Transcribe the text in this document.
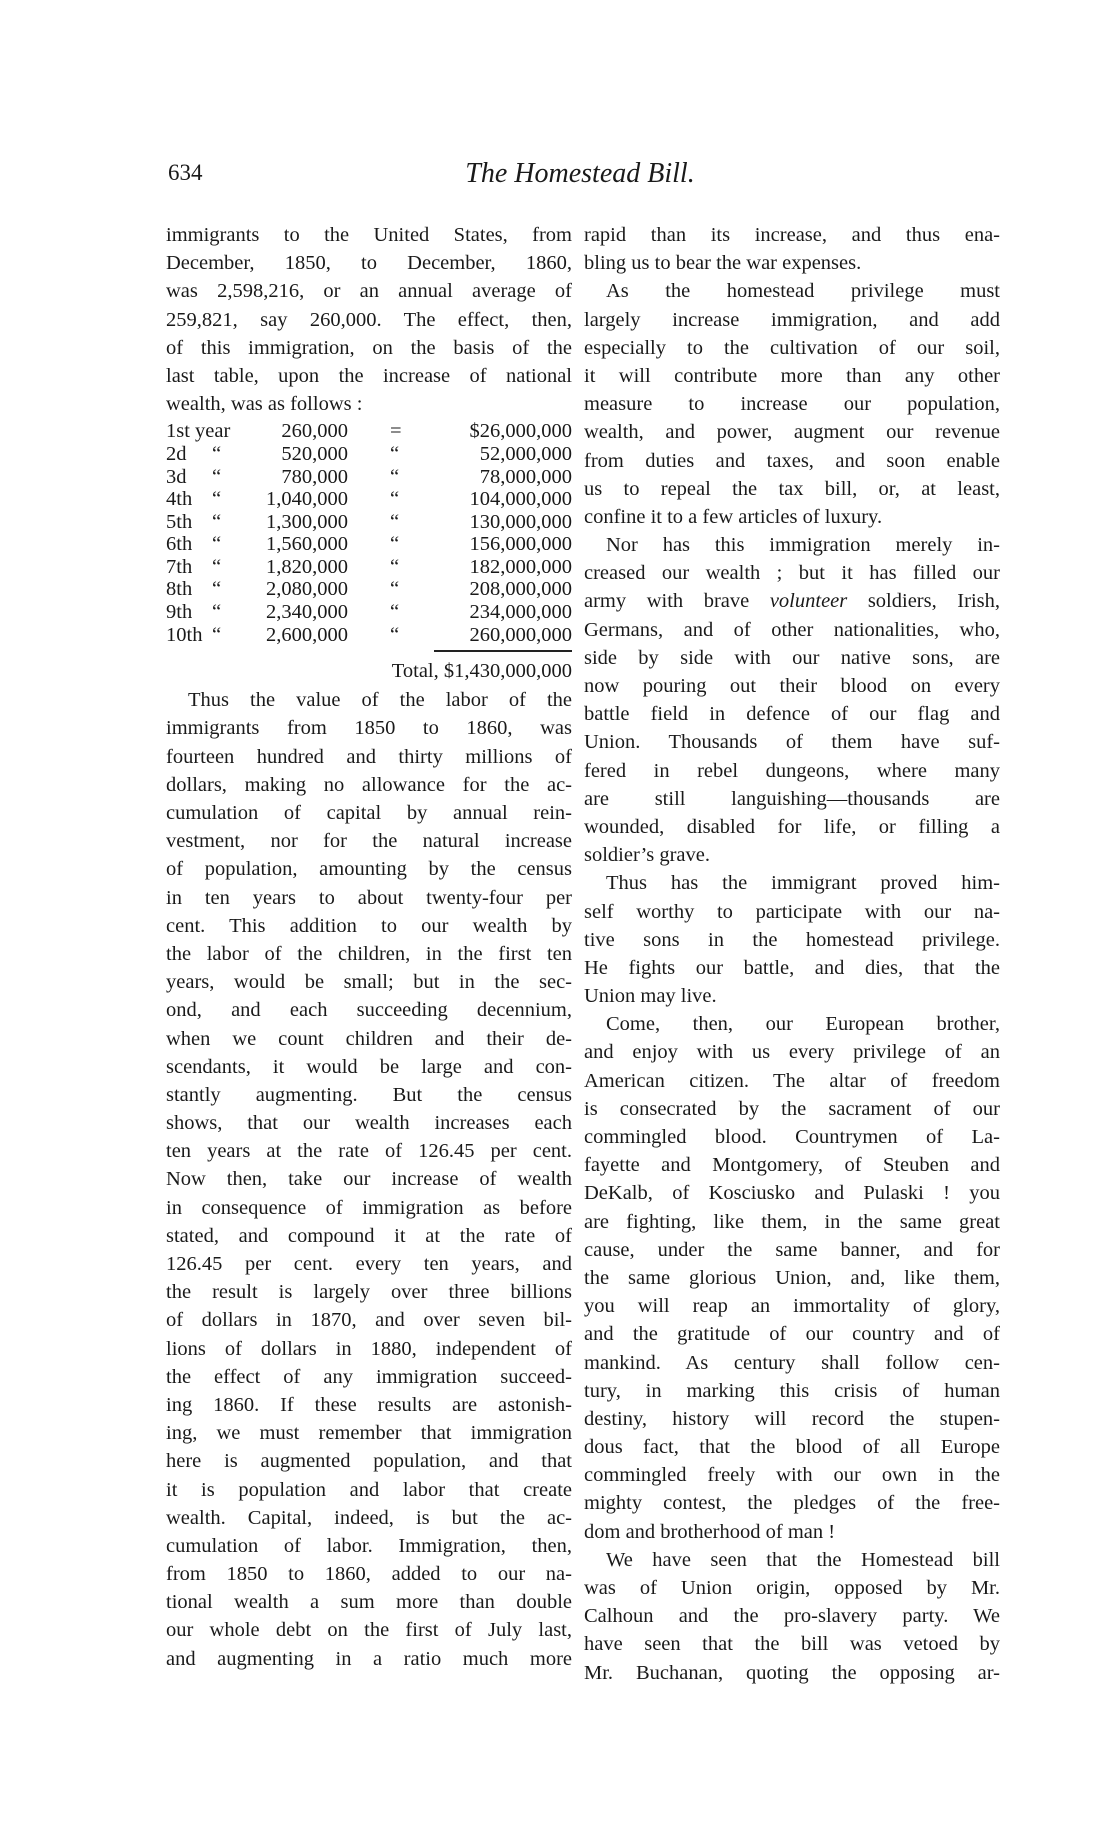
634	The Homestead Bill.
immigrants to the United States, from
December, 1850, to December, 1860,
was 2,598,216, or an annual average of
259,821, say 260,000. The effect, then,
of this immigration, on the basis of the
last table, upon the increase of national
wealth, was as follows :
1st year	260,000 =	$26,000,000
2d “	520,000 “	52,000,000
3d “	780,000 “	78,000,000
4th “	1,040,000 “	104,000,000
5th “	1,300,000 “	130,000,000
6th “	1,560,000 “	156,000,000
7th “	1,820,000 “	182,000,000
8th “	2,080,000 “	208,000,000
9th “	2,340,000 “	234,000,000
10th “	2,600,000 “	260,000,000
Total, $1,430,000,000
Thus the value of the labor of the
immigrants from 1850 to 1860, was
fourteen hundred and thirty millions of
dollars, making no allowance for the ac-
cumulation of capital by annual rein-
vestment, nor for the natural increase
of population, amounting by the census
in ten years to about twenty-four per
cent. This addition to our wealth by
the labor of the children, in the first ten
years, would be small; but in the sec-
ond, and each succeeding decennium,
when we count children and their de-
scendants, it would be large and con-
stantly augmenting. But the census
shows, that our wealth increases each
ten years at the rate of 126.45 per cent.
Now then, take our increase of wealth
in consequence of immigration as before
stated, and compound it at the rate of
126.45 per cent. every ten years, and
the result is largely over three billions
of dollars in 1870, and over seven bil-
lions of dollars in 1880, independent of
the effect of any immigration succeed-
ing 1860. If these results are astonish-
ing, we must remember that immigration
here is augmented population, and that
it is population and labor that create
wealth. Capital, indeed, is but the ac-
cumulation of labor. Immigration, then,
from 1850 to 1860, added to our na-
tional wealth a sum more than double
our whole debt on the first of July last,
and augmenting in a ratio much more
rapid than its increase, and thus ena-
bling us to bear the war expenses.
As the homestead privilege must
largely increase immigration, and add
especially to the cultivation of our soil,
it will contribute more than any other
measure to increase our population,
wealth, and power, augment our revenue
from duties and taxes, and soon enable
us to repeal the tax bill, or, at least,
confine it to a few articles of luxury.
Nor has this immigration merely in-
creased our wealth ; but it has filled our
army with brave volunteer soldiers, Irish,
Germans, and of other nationalities, who,
side by side with our native sons, are
now pouring out their blood on every
battle field in defence of our flag and
Union. Thousands of them have suf-
fered in rebel dungeons, where many
are still languishing—thousands are
wounded, disabled for life, or filling a
soldier’s grave.
Thus has the immigrant proved him-
self worthy to participate with our na-
tive sons in the homestead privilege.
He fights our battle, and dies, that the
Union may live.
Come, then, our European brother,
and enjoy with us every privilege of an
American citizen. The altar of freedom
is consecrated by the sacrament of our
commingled blood. Countrymen of La-
fayette and Montgomery, of Steuben and
DeKalb, of Kosciusko and Pulaski ! you
are fighting, like them, in the same great
cause, under the same banner, and for
the same glorious Union, and, like them,
you will reap an immortality of glory,
and the gratitude of our country and of
mankind. As century shall follow cen-
tury, in marking this crisis of human
destiny, history will record the stupen-
dous fact, that the blood of all Europe
commingled freely with our own in the
mighty contest, the pledges of the free-
dom and brotherhood of man !
We have seen that the Homestead bill
was of Union origin, opposed by Mr.
Calhoun and the pro-slavery party. We
have seen that the bill was vetoed by
Mr. Buchanan, quoting the opposing ar-
